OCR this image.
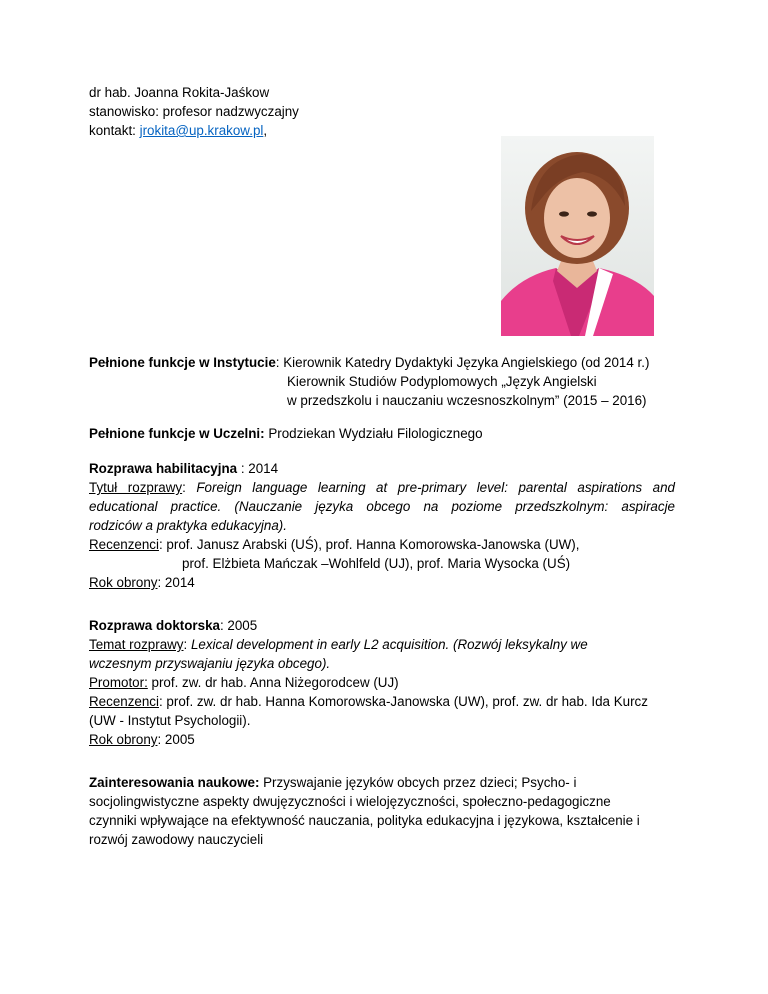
dr hab. Joanna Rokita-Jaśkow
stanowisko: profesor nadzwyczajny
kontakt: jrokita@up.krakow.pl,
Pełnione funkcje w Instytucie: Kierownik Katedry Dydaktyki Języka Angielskiego (od 2014 r.)
Kierownik Studiów Podyplomowych „Język Angielski
w przedszkolu i nauczaniu wczesnoszkolnym” (2015 – 2016)
Pełnione funkcje w Uczelni: Prodziekan Wydziału Filologicznego
Rozprawa habilitacyjna : 2014
Tytuł rozprawy: Foreign language learning at pre-primary level: parental aspirations and
educational practice. (Nauczanie języka obcego na poziome przedszkolnym: aspiracje
rodziców a praktyka edukacyjna).
Recenzenci: prof. Janusz Arabski (UŚ), prof. Hanna Komorowska-Janowska (UW),
prof. Elżbieta Mańczak –Wohlfeld (UJ), prof. Maria Wysocka (UŚ)
Rok obrony: 2014
Rozprawa doktorska: 2005
Temat rozprawy: Lexical development in early L2 acquisition. (Rozwój leksykalny we
wczesnym przyswajaniu języka obcego).
Promotor: prof. zw. dr hab. Anna Niżegorodcew (UJ)
Recenzenci: prof. zw. dr hab. Hanna Komorowska-Janowska (UW), prof. zw. dr hab. Ida Kurcz
(UW - Instytut Psychologii).
Rok obrony: 2005
Zainteresowania naukowe: Przyswajanie języków obcych przez dzieci; Psycho- i
socjolingwistyczne aspekty dwujęzyczności i wielojęzyczności, społeczno-pedagogiczne
czynniki wpływające na efektywność nauczania, polityka edukacyjna i językowa, kształcenie i
rozwój zawodowy nauczycieli
